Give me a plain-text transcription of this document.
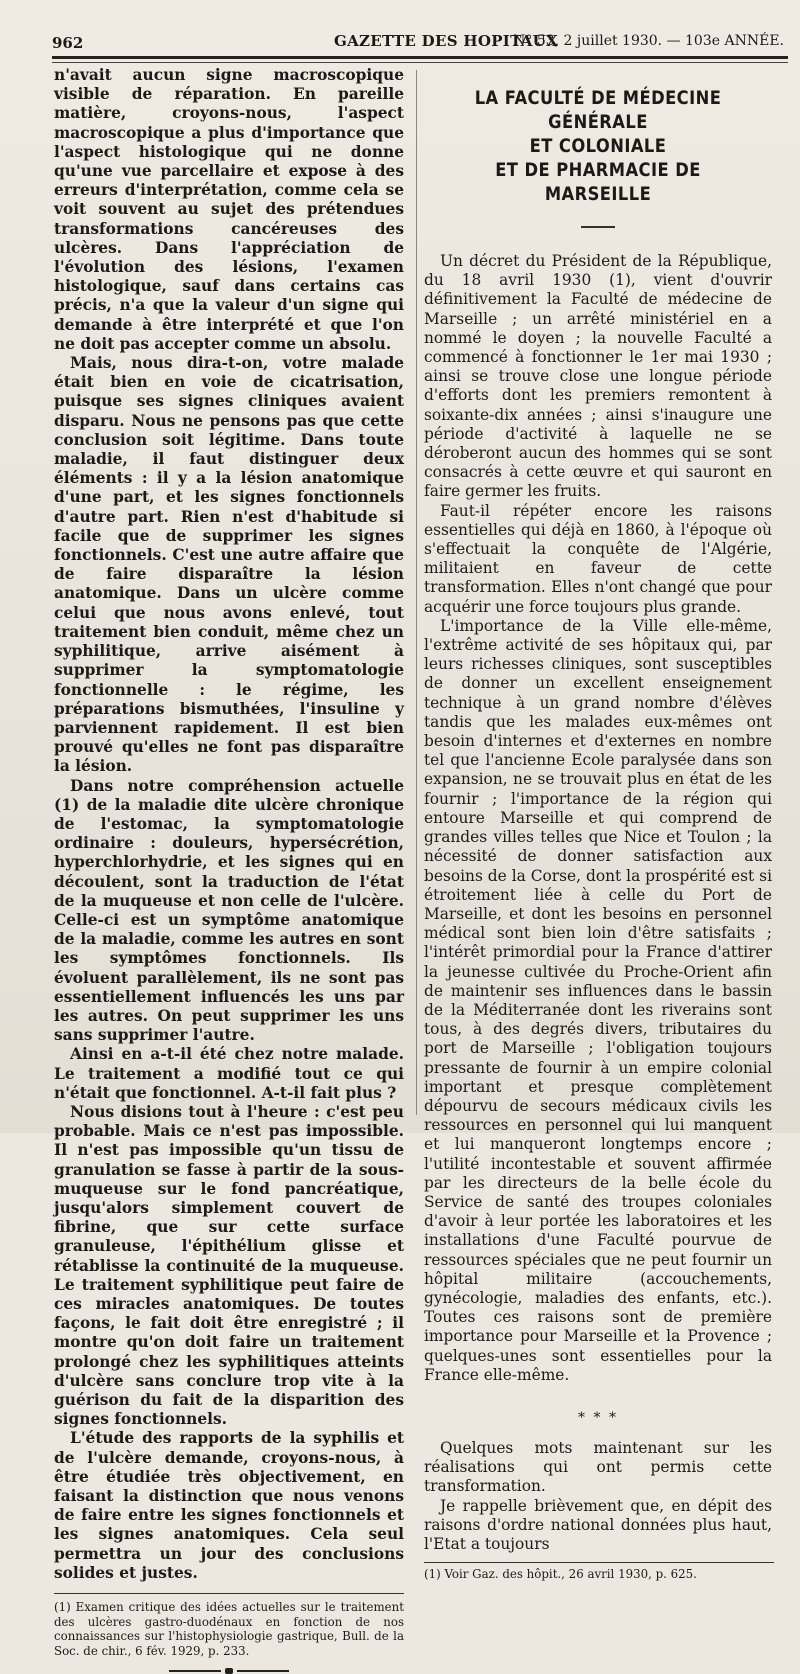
962	GAZETTE DES HOPITAUX
N° 53, 2 juillet 1930. — 103e ANNÉE.

n'avait aucun signe macroscopique visible de réparation. En pareille matière, croyons-nous, l'aspect macroscopique a plus d'importance que l'aspect histologique qui ne donne qu'une vue parcellaire et expose à des erreurs d'interprétation, comme cela se voit souvent au sujet des prétendues transformations cancéreuses des ulcères. Dans l'appréciation de l'évolution des lésions, l'examen histologique, sauf dans certains cas précis, n'a que la valeur d'un signe qui demande à être interprété et que l'on ne doit pas accepter comme un absolu.

Mais, nous dira-t-on, votre malade était bien en voie de cicatrisation, puisque ses signes cliniques avaient disparu. Nous ne pensons pas que cette conclusion soit légitime. Dans toute maladie, il faut distinguer deux éléments : il y a la lésion anatomique d'une part, et les signes fonctionnels d'autre part. Rien n'est d'habitude si facile que de supprimer les signes fonctionnels. C'est une autre affaire que de faire disparaître la lésion anatomique. Dans un ulcère comme celui que nous avons enlevé, tout traitement bien conduit, même chez un syphilitique, arrive aisément à supprimer la symptomatologie fonctionnelle : le régime, les préparations bismuthées, l'insuline y parviennent rapidement. Il est bien prouvé qu'elles ne font pas disparaître la lésion.

Dans notre compréhension actuelle (1) de la maladie dite ulcère chronique de l'estomac, la symptomatologie ordinaire : douleurs, hypersécrétion, hyperchlorhydrie, et les signes qui en découlent, sont la traduction de l'état de la muqueuse et non celle de l'ulcère. Celle-ci est un symptôme anatomique de la maladie, comme les autres en sont les symptômes fonctionnels. Ils évoluent parallèlement, ils ne sont pas essentiellement influencés les uns par les autres. On peut supprimer les uns sans supprimer l'autre.

Ainsi en a-t-il été chez notre malade. Le traitement a modifié tout ce qui n'était que fonctionnel. A-t-il fait plus ?

Nous disions tout à l'heure : c'est peu probable. Mais ce n'est pas impossible. Il n'est pas impossible qu'un tissu de granulation se fasse à partir de la sous-muqueuse sur le fond pancréatique, jusqu'alors simplement couvert de fibrine, que sur cette surface granuleuse, l'épithélium glisse et rétablisse la continuité de la muqueuse. Le traitement syphilitique peut faire de ces miracles anatomiques. De toutes façons, le fait doit être enregistré ; il montre qu'on doit faire un traitement prolongé chez les syphilitiques atteints d'ulcère sans conclure trop vite à la guérison du fait de la disparition des signes fonctionnels.

L'étude des rapports de la syphilis et de l'ulcère demande, croyons-nous, à être étudiée très objectivement, en faisant la distinction que nous venons de faire entre les signes fonctionnels et les signes anatomiques. Cela seul permettra un jour des conclusions solides et justes.

(1) Examen critique des idées actuelles sur le traitement des ulcères gastro-duodénaux en fonction de nos connaissances sur l'histophysiologie gastrique, Bull. de la Soc. de chir., 6 fév. 1929, p. 233.

LA FACULTÉ DE MÉDECINE GÉNÉRALE
ET COLONIALE
ET DE PHARMACIE DE MARSEILLE

Un décret du Président de la République, du 18 avril 1930 (1), vient d'ouvrir définitivement la Faculté de médecine de Marseille ; un arrêté ministériel en a nommé le doyen ; la nouvelle Faculté a commencé à fonctionner le 1er mai 1930 ; ainsi se trouve close une longue période d'efforts dont les premiers remontent à soixante-dix années ; ainsi s'inaugure une période d'activité à laquelle ne se déroberont aucun des hommes qui se sont consacrés à cette œuvre et qui sauront en faire germer les fruits.

Faut-il répéter encore les raisons essentielles qui déjà en 1860, à l'époque où s'effectuait la conquête de l'Algérie, militaient en faveur de cette transformation. Elles n'ont changé que pour acquérir une force toujours plus grande.

L'importance de la Ville elle-même, l'extrême activité de ses hôpitaux qui, par leurs richesses cliniques, sont susceptibles de donner un excellent enseignement technique à un grand nombre d'élèves tandis que les malades eux-mêmes ont besoin d'internes et d'externes en nombre tel que l'ancienne Ecole paralysée dans son expansion, ne se trouvait plus en état de les fournir ; l'importance de la région qui entoure Marseille et qui comprend de grandes villes telles que Nice et Toulon ; la nécessité de donner satisfaction aux besoins de la Corse, dont la prospérité est si étroitement liée à celle du Port de Marseille, et dont les besoins en personnel médical sont bien loin d'être satisfaits ; l'intérêt primordial pour la France d'attirer la jeunesse cultivée du Proche-Orient afin de maintenir ses influences dans le bassin de la Méditerranée dont les riverains sont tous, à des degrés divers, tributaires du port de Marseille ; l'obligation toujours pressante de fournir à un empire colonial important et presque complètement dépourvu de secours médicaux civils les ressources en personnel qui lui manquent et lui manqueront longtemps encore ; l'utilité incontestable et souvent affirmée par les directeurs de la belle école du Service de santé des troupes coloniales d'avoir à leur portée les laboratoires et les installations d'une Faculté pourvue de ressources spéciales que ne peut fournir un hôpital militaire (accouchements, gynécologie, maladies des enfants, etc.). Toutes ces raisons sont de première importance pour Marseille et la Provence ; quelques-unes sont essentielles pour la France elle-même.

* * *

Quelques mots maintenant sur les réalisations qui ont permis cette transformation.

Je rappelle brièvement que, en dépit des raisons d'ordre national données plus haut, l'Etat a toujours

(1) Voir Gaz. des hôpit., 26 avril 1930, p. 625.
